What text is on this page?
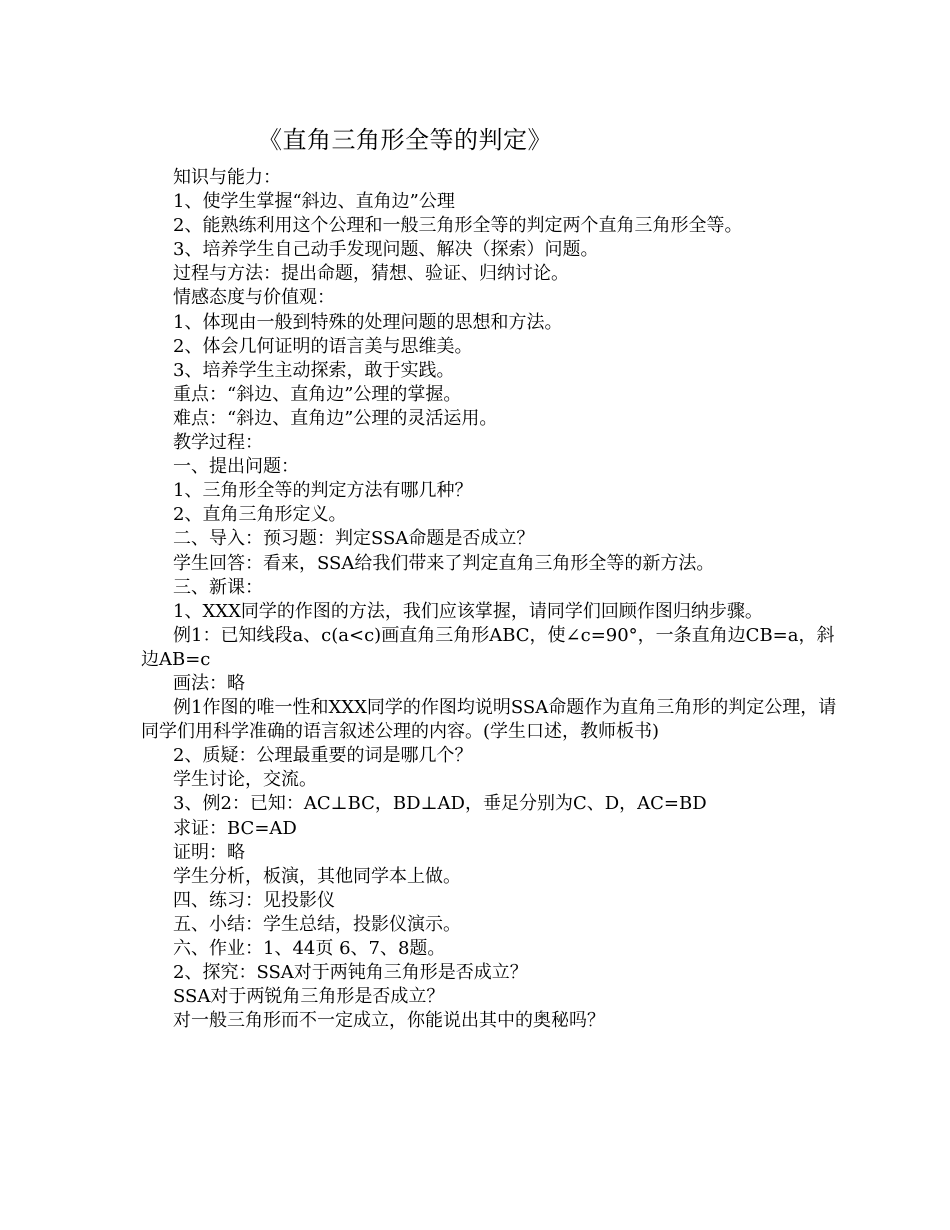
《直角三角形全等的判定》

知识与能力：

1、使学生掌握“斜边、直角边”公理

2、能熟练利用这个公理和一般三角形全等的判定两个直角三角形全等。

3、培养学生自己动手发现问题、解决（探索）问题。

过程与方法：提出命题，猜想、验证、归纳讨论。

情感态度与价值观：

1、体现由一般到特殊的处理问题的思想和方法。

2、体会几何证明的语言美与思维美。

3、培养学生主动探索，敢于实践。

重点：“斜边、直角边”公理的掌握。

难点：“斜边、直角边”公理的灵活运用。

教学过程：

一、提出问题：

1、三角形全等的判定方法有哪几种？

2、直角三角形定义。

二、导入：预习题：判定SSA命题是否成立？

学生回答：看来，SSA给我们带来了判定直角三角形全等的新方法。

三、新课：

1、XXX同学的作图的方法，我们应该掌握，请同学们回顾作图归纳步骤。

例1：已知线段a、c(a<c)画直角三角形ABC，使∠c=90°，一条直角边CB=a，斜边AB=c

画法：略

例1作图的唯一性和XXX同学的作图均说明SSA命题作为直角三角形的判定公理，请同学们用科学准确的语言叙述公理的内容。(学生口述，教师板书)

2、质疑：公理最重要的词是哪几个？

学生讨论，交流。

3、例2：已知：AC⊥BC，BD⊥AD，垂足分别为C、D，AC=BD

求证：BC=AD

证明：略

学生分析，板演，其他同学本上做。

四、练习：见投影仪

五、小结：学生总结，投影仪演示。

六、作业：1、44页 6、7、8题。

2、探究：SSA对于两钝角三角形是否成立？

SSA对于两锐角三角形是否成立？

对一般三角形而不一定成立，你能说出其中的奥秘吗？
